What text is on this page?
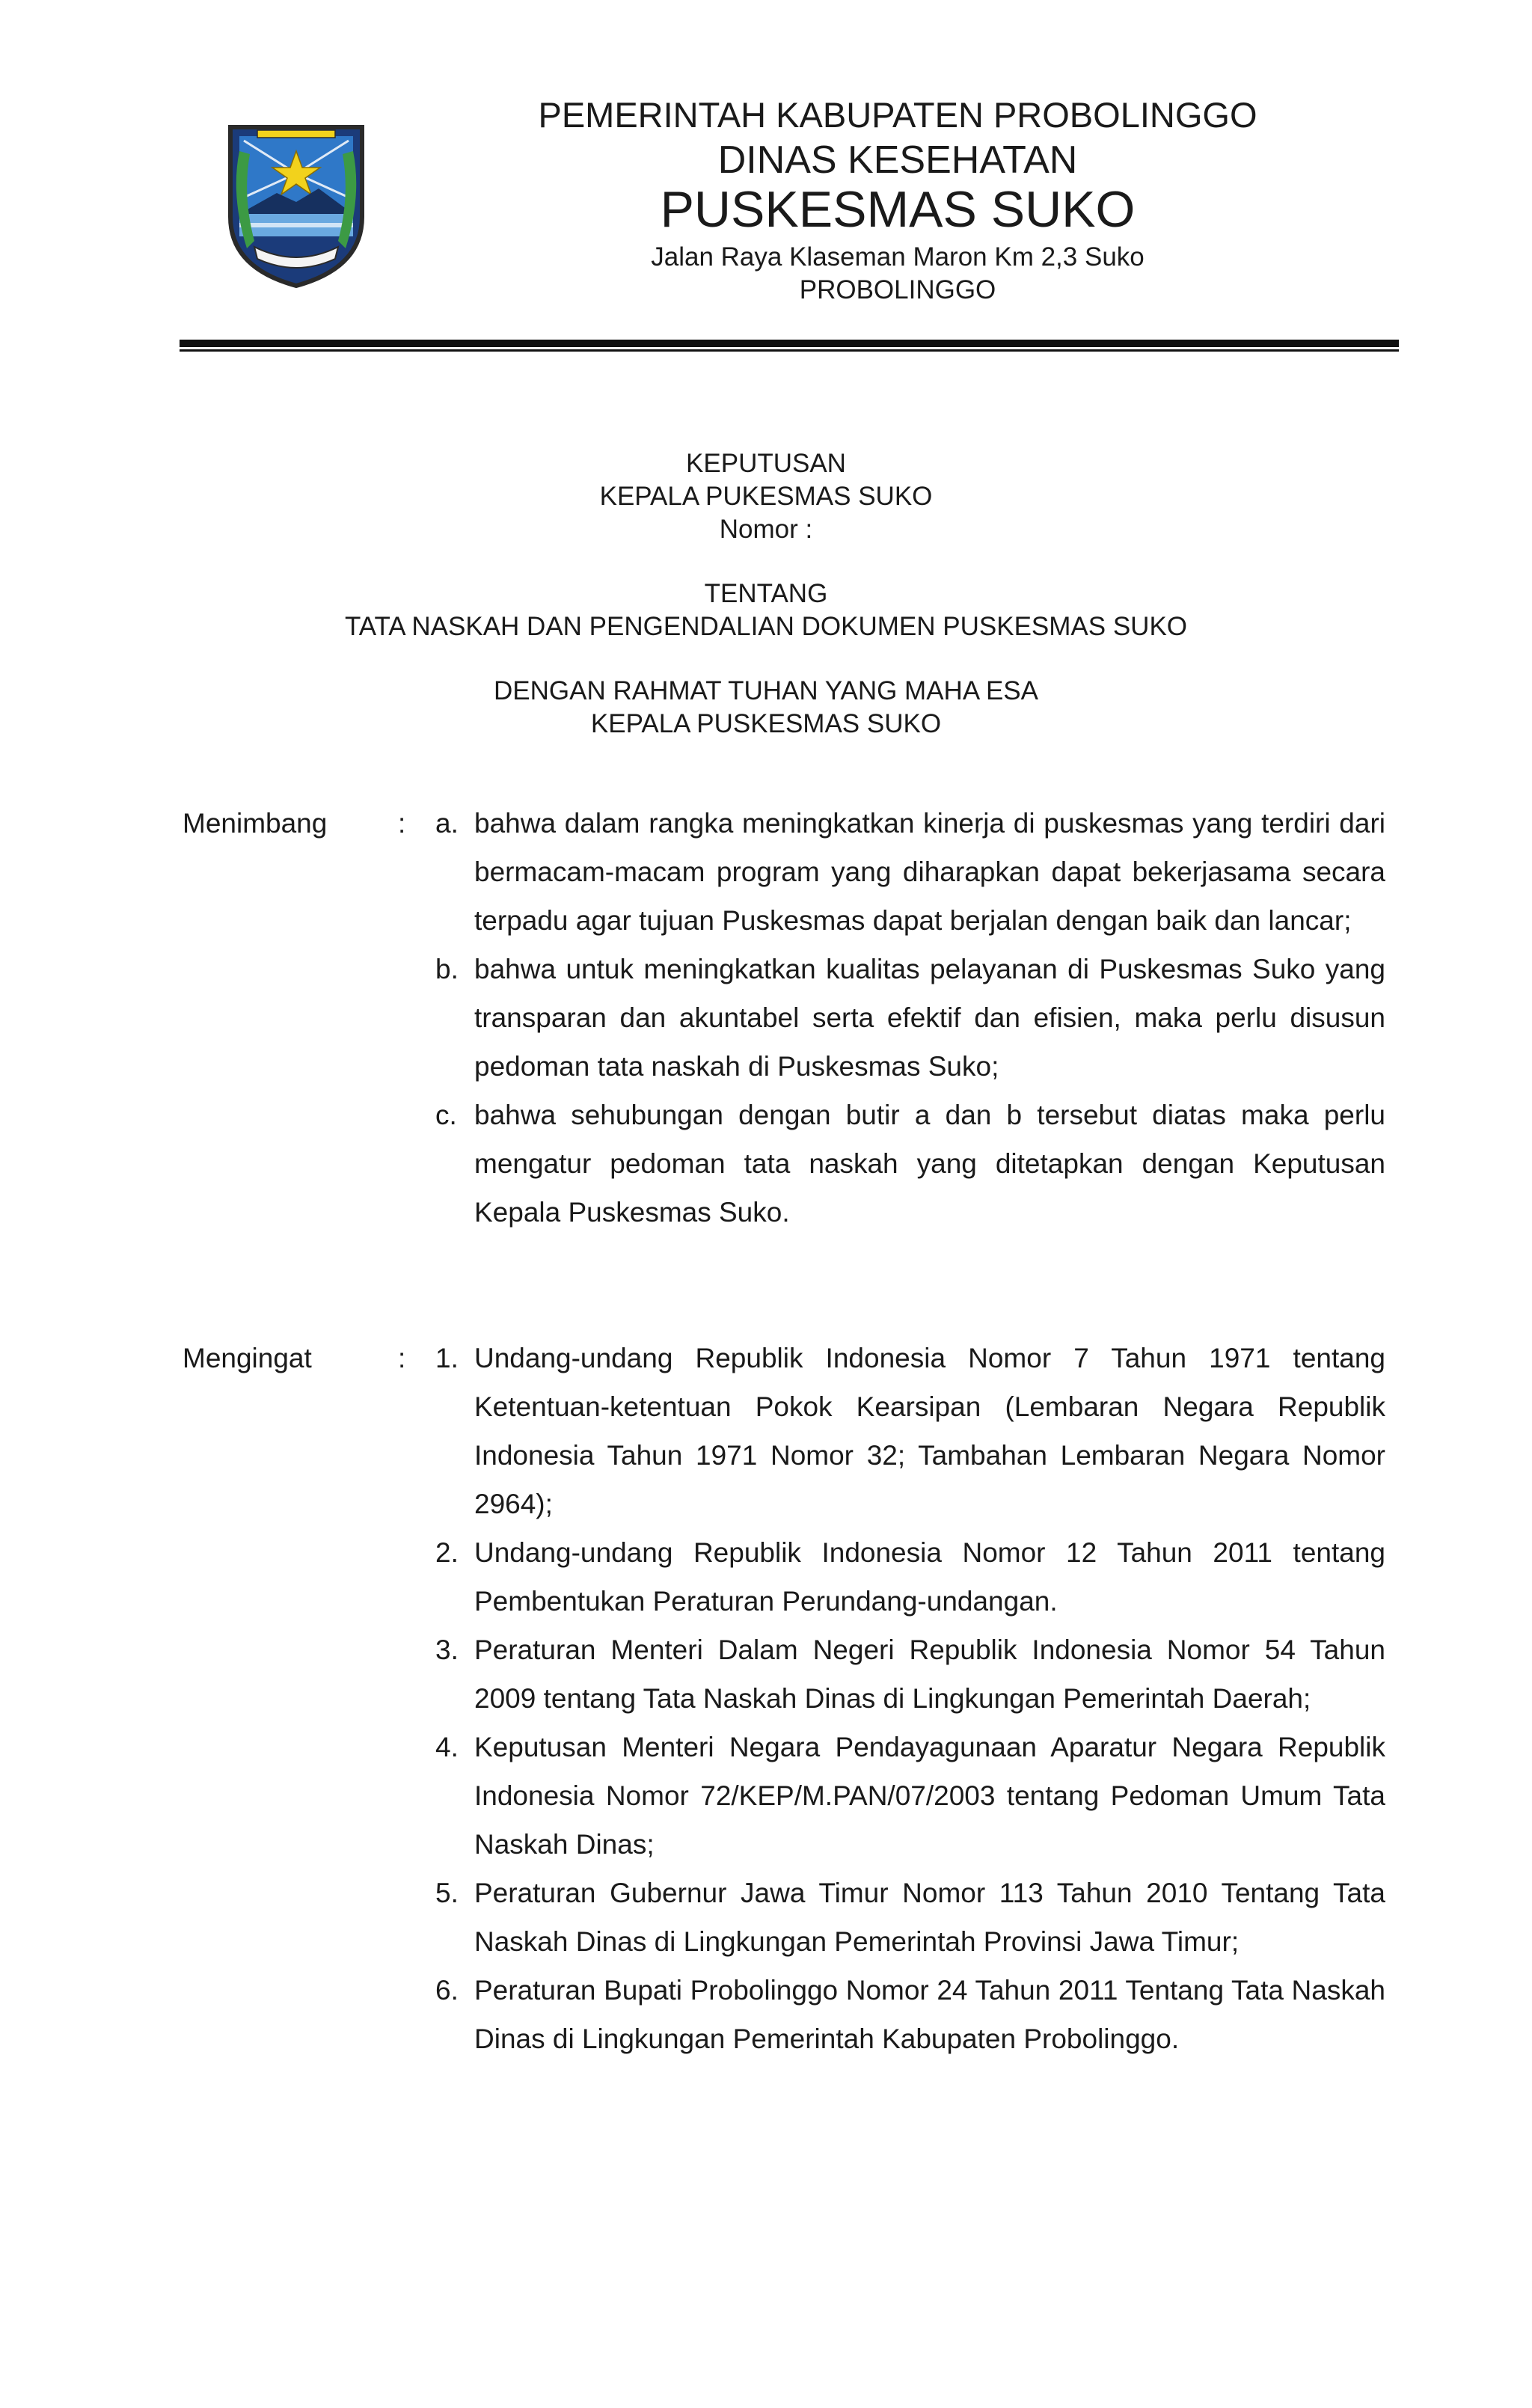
PEMERINTAH KABUPATEN PROBOLINGGO
DINAS KESEHATAN
PUSKESMAS SUKO
Jalan Raya Klaseman Maron Km 2,3 Suko
PROBOLINGGO
KEPUTUSAN
KEPALA PUKESMAS SUKO
Nomor :
TENTANG
TATA NASKAH DAN PENGENDALIAN DOKUMEN PUSKESMAS SUKO
DENGAN RAHMAT TUHAN YANG MAHA ESA
KEPALA PUSKESMAS SUKO
Menimbang	: a. bahwa dalam rangka meningkatkan kinerja di puskesmas yang terdiri dari bermacam-macam program yang diharapkan dapat bekerjasama secara terpadu agar tujuan Puskesmas dapat berjalan dengan baik dan lancar;
b. bahwa untuk meningkatkan kualitas pelayanan di Puskesmas Suko yang transparan dan akuntabel serta efektif dan efisien, maka perlu disusun pedoman tata naskah di Puskesmas Suko;
c. bahwa sehubungan dengan butir a dan b tersebut diatas maka perlu mengatur pedoman tata naskah yang ditetapkan dengan Keputusan Kepala Puskesmas Suko.
Mengingat	: 1. Undang-undang Republik Indonesia Nomor 7 Tahun 1971 tentang Ketentuan-ketentuan Pokok Kearsipan (Lembaran Negara Republik Indonesia Tahun 1971 Nomor 32; Tambahan Lembaran Negara Nomor 2964);
2. Undang-undang Republik Indonesia Nomor 12 Tahun 2011 tentang Pembentukan Peraturan Perundang-undangan.
3. Peraturan Menteri Dalam Negeri Republik Indonesia Nomor 54 Tahun 2009 tentang Tata Naskah Dinas di Lingkungan Pemerintah Daerah;
4. Keputusan Menteri Negara Pendayagunaan Aparatur Negara Republik Indonesia Nomor 72/KEP/M.PAN/07/2003 tentang Pedoman Umum Tata Naskah Dinas;
5. Peraturan Gubernur Jawa Timur Nomor 113 Tahun 2010 Tentang Tata Naskah Dinas di Lingkungan Pemerintah Provinsi Jawa Timur;
6. Peraturan Bupati Probolinggo Nomor 24 Tahun 2011 Tentang Tata Naskah Dinas di Lingkungan Pemerintah Kabupaten Probolinggo.
